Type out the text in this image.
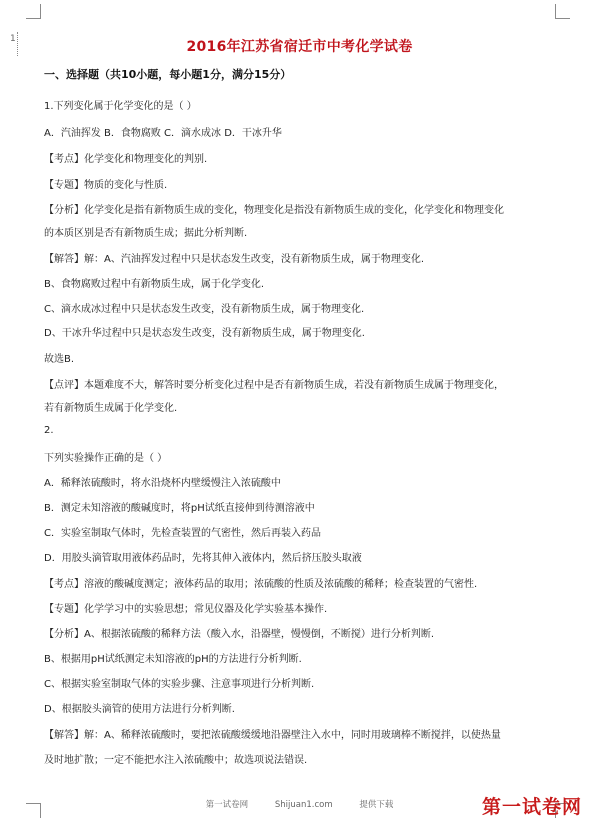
1	2016年江苏省宿迁市中考化学试卷
一、选择题（共10小题，每小题1分，满分15分）
1.下列变化属于化学变化的是（ ）
A．汽油挥发 B．食物腐败 C．滴水成冰 D．干冰升华
【考点】化学变化和物理变化的判别.
【专题】物质的变化与性质.
【分析】化学变化是指有新物质生成的变化，物理变化是指没有新物质生成的变化，化学变化和物理变化
的本质区别是否有新物质生成；据此分析判断.
【解答】解：A、汽油挥发过程中只是状态发生改变，没有新物质生成，属于物理变化.
B、食物腐败过程中有新物质生成，属于化学变化.
C、滴水成冰过程中只是状态发生改变，没有新物质生成，属于物理变化.
D、干冰升华过程中只是状态发生改变，没有新物质生成，属于物理变化.
故选B.
【点评】本题难度不大，解答时要分析变化过程中是否有新物质生成，若没有新物质生成属于物理变化，
若有新物质生成属于化学变化.
2.
下列实验操作正确的是（ ）
A．稀释浓硫酸时，将水沿烧杯内壁缓慢注入浓硫酸中
B．测定未知溶液的酸碱度时，将pH试纸直接伸到待测溶液中
C．实验室制取气体时，先检查装置的气密性，然后再装入药品
D．用胶头滴管取用液体药品时，先将其伸入液体内，然后挤压胶头取液
【考点】溶液的酸碱度测定；液体药品的取用；浓硫酸的性质及浓硫酸的稀释；检查装置的气密性.
【专题】化学学习中的实验思想；常见仪器及化学实验基本操作.
【分析】A、根据浓硫酸的稀释方法（酸入水，沿器壁，慢慢倒，不断搅）进行分析判断.
B、根据用pH试纸测定未知溶液的pH的方法进行分析判断.
C、根据实验室制取气体的实验步骤、注意事项进行分析判断.
D、根据胶头滴管的使用方法进行分析判断.
【解答】解：A、稀释浓硫酸时，要把浓硫酸缓缓地沿器壁注入水中，同时用玻璃棒不断搅拌，以使热量
及时地扩散；一定不能把水注入浓硫酸中；故选项说法错误.
第一试卷网	Shijuan1.com	提供下载	第一试卷网
